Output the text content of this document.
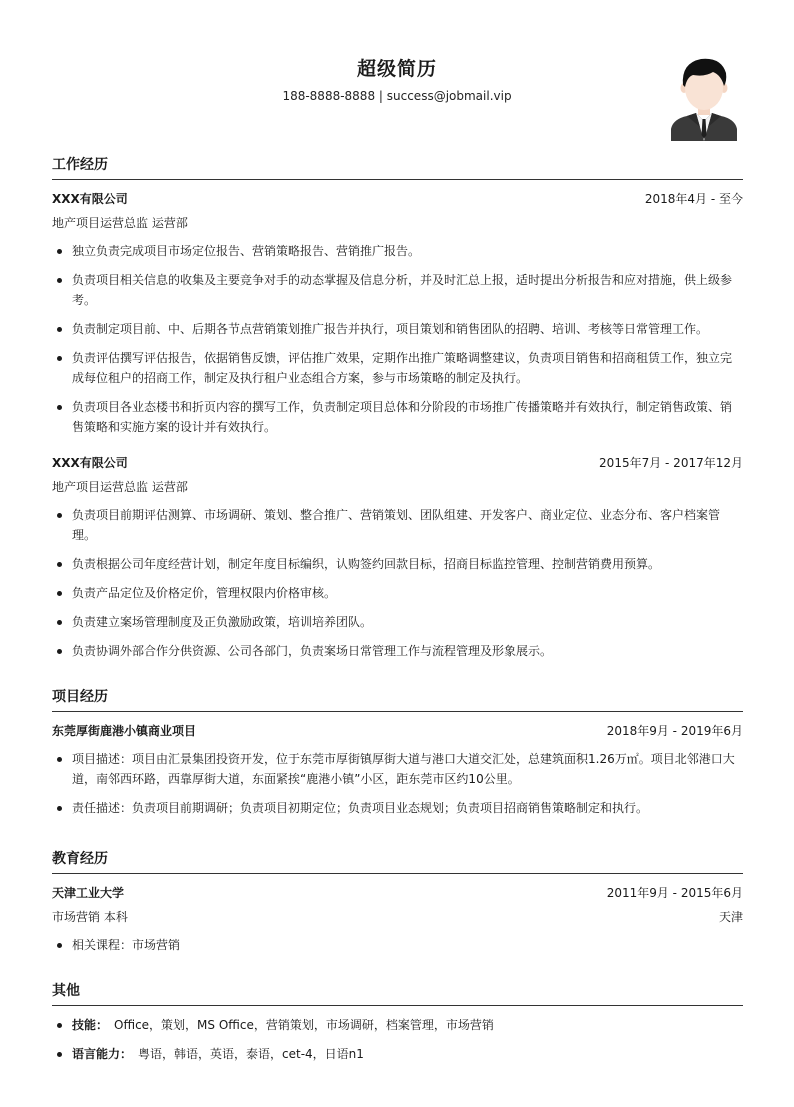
超级简历
188-8888-8888 | success@jobmail.vip
工作经历
XXX有限公司	2018年4月 - 至今
地产项目运营总监 运营部
独立负责完成项目市场定位报告、营销策略报告、营销推广报告。
负责项目相关信息的收集及主要竞争对手的动态掌握及信息分析，并及时汇总上报，适时提出分析报告和应对措施，供上级参考。
负责制定项目前、中、后期各节点营销策划推广报告并执行，项目策划和销售团队的招聘、培训、考核等日常管理工作。
负责评估撰写评估报告，依据销售反馈，评估推广效果，定期作出推广策略调整建议，负责项目销售和招商租赁工作，独立完成每位租户的招商工作，制定及执行租户业态组合方案，参与市场策略的制定及执行。
负责项目各业态楼书和折页内容的撰写工作，负责制定项目总体和分阶段的市场推广传播策略并有效执行，制定销售政策、销售策略和实施方案的设计并有效执行。
XXX有限公司	2015年7月 - 2017年12月
地产项目运营总监 运营部
负责项目前期评估测算、市场调研、策划、整合推广、营销策划、团队组建、开发客户、商业定位、业态分布、客户档案管理。
负责根据公司年度经营计划，制定年度目标编织，认购签约回款目标，招商目标监控管理、控制营销费用预算。
负责产品定位及价格定价，管理权限内价格审核。
负责建立案场管理制度及正负激励政策，培训培养团队。
负责协调外部合作分供资源、公司各部门，负责案场日常管理工作与流程管理及形象展示。
项目经历
东莞厚街鹿港小镇商业项目	2018年9月 - 2019年6月
项目描述：项目由汇景集团投资开发，位于东莞市厚街镇厚街大道与港口大道交汇处，总建筑面积1.26万㎡。项目北邻港口大道，南邻西环路，西靠厚街大道，东面紧挨“鹿港小镇”小区，距东莞市区约10公里。
责任描述：负责项目前期调研；负责项目初期定位；负责项目业态规划；负责项目招商销售策略制定和执行。
教育经历
天津工业大学	2011年9月 - 2015年6月
市场营销 本科	天津
相关课程：市场营销
其他
技能： Office，策划，MS Office，营销策划，市场调研，档案管理，市场营销
语言能力： 粤语，韩语，英语，泰语，cet-4，日语n1
